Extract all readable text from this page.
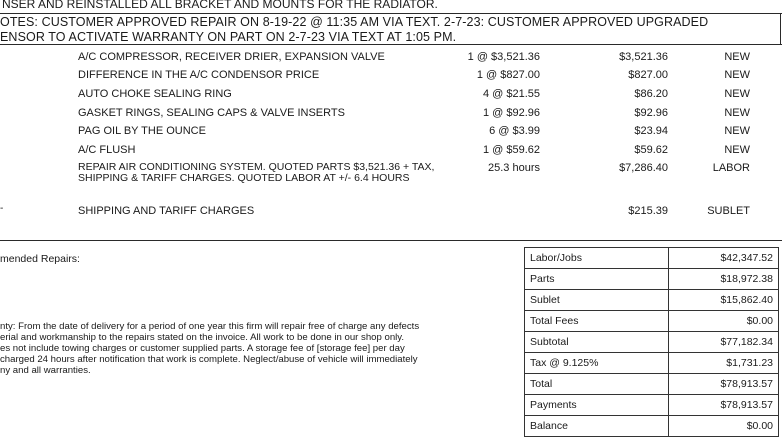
NSER AND REINSTALLED ALL BRACKET AND MOUNTS FOR THE RADIATOR.
OTES: CUSTOMER APPROVED REPAIR ON 8-19-22 @ 11:35 AM VIA TEXT. 2-7-23: CUSTOMER APPROVED UPGRADED
ENSOR TO ACTIVATE WARRANTY ON PART ON 2-7-23 VIA TEXT AT 1:05 PM.
A/C COMPRESSOR, RECEIVER DRIER, EXPANSION VALVE	1 @ $3,521.36	$3,521.36	NEW
DIFFERENCE IN THE A/C CONDENSOR PRICE	1 @ $827.00	$827.00	NEW
AUTO CHOKE SEALING RING	4 @ $21.55	$86.20	NEW
GASKET RINGS, SEALING CAPS & VALVE INSERTS	1 @ $92.96	$92.96	NEW
PAG OIL BY THE OUNCE	6 @ $3.99	$23.94	NEW
A/C FLUSH	1 @ $59.62	$59.62	NEW
REPAIR AIR CONDITIONING SYSTEM. QUOTED PARTS $3,521.36 + TAX, SHIPPING & TARIFF CHARGES. QUOTED LABOR AT +/- 6.4 HOURS
25.3 hours	$7,286.40	LABOR
-	SHIPPING AND TARIFF CHARGES	$215.39	SUBLET
mended Repairs:
nty: From the date of delivery for a period of one year this firm will repair free of charge any defects
erial and workmanship to the repairs stated on the invoice. All work to be done in our shop only.
es not include towing charges or customer supplied parts. A storage fee of [storage fee] per day
charged 24 hours after notification that work is complete. Neglect/abuse of vehicle will immediately
ny and all warranties.
Labor/Jobs	$42,347.52
Parts	$18,972.38
Sublet	$15,862.40
Total Fees	$0.00
Subtotal	$77,182.34
Tax @ 9.125%	$1,731.23
Total	$78,913.57
Payments	$78,913.57
Balance	$0.00
